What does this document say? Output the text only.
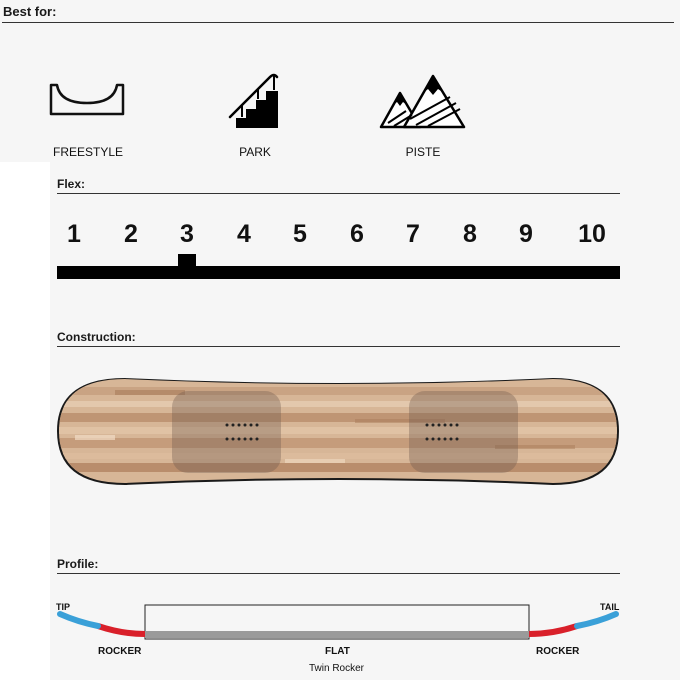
Best for:
FREESTYLE	PARK	PISTE
Flex:
1 2 3 4 5 6 7 8 9 10
Construction:
Profile:
TIP	TAIL
ROCKER	FLAT	ROCKER
Twin Rocker
